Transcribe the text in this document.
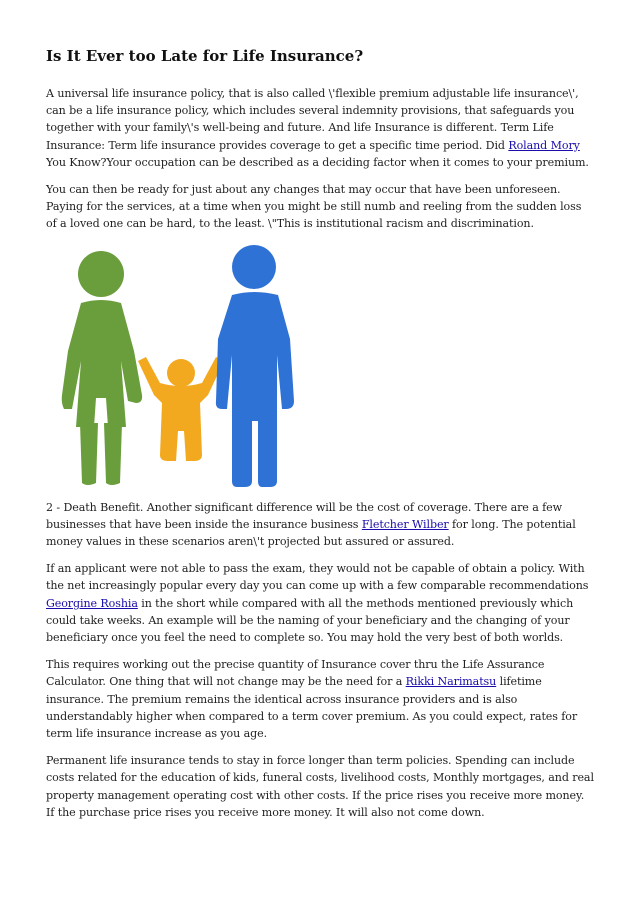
Is It Ever too Late for Life Insurance?

A universal life insurance policy, that is also called \'flexible premium adjustable life insurance\', can be a life insurance policy, which includes several indemnity provisions, that safeguards you together with your family\'s well-being and future. And life Insurance is different. Term Life Insurance: Term life insurance provides coverage to get a specific time period. Did Roland Mory You Know?Your occupation can be described as a deciding factor when it comes to your premium.

You can then be ready for just about any changes that may occur that have been unforeseen. Paying for the services, at a time when you might be still numb and reeling from the sudden loss of a loved one can be hard, to the least. \"This is institutional racism and discrimination.

2 - Death Benefit. Another significant difference will be the cost of coverage. There are a few businesses that have been inside the insurance business Fletcher Wilber for long. The potential money values in these scenarios aren\'t projected but assured or assured.

If an applicant were not able to pass the exam, they would not be capable of obtain a policy. With the net increasingly popular every day you can come up with a few comparable recommendations Georgine Roshia in the short while compared with all the methods mentioned previously which could take weeks. An example will be the naming of your beneficiary and the changing of your beneficiary once you feel the need to complete so. You may hold the very best of both worlds.

This requires working out the precise quantity of Insurance cover thru the Life Assurance Calculator. One thing that will not change may be the need for a Rikki Narimatsu lifetime insurance. The premium remains the identical across insurance providers and is also understandably higher when compared to a term cover premium. As you could expect, rates for term life insurance increase as you age.

Permanent life insurance tends to stay in force longer than term policies. Spending can include costs related for the education of kids, funeral costs, livelihood costs, Monthly mortgages, and real property management operating cost with other costs. If the price rises you receive more money. If the purchase price rises you receive more money. It will also not come down.
